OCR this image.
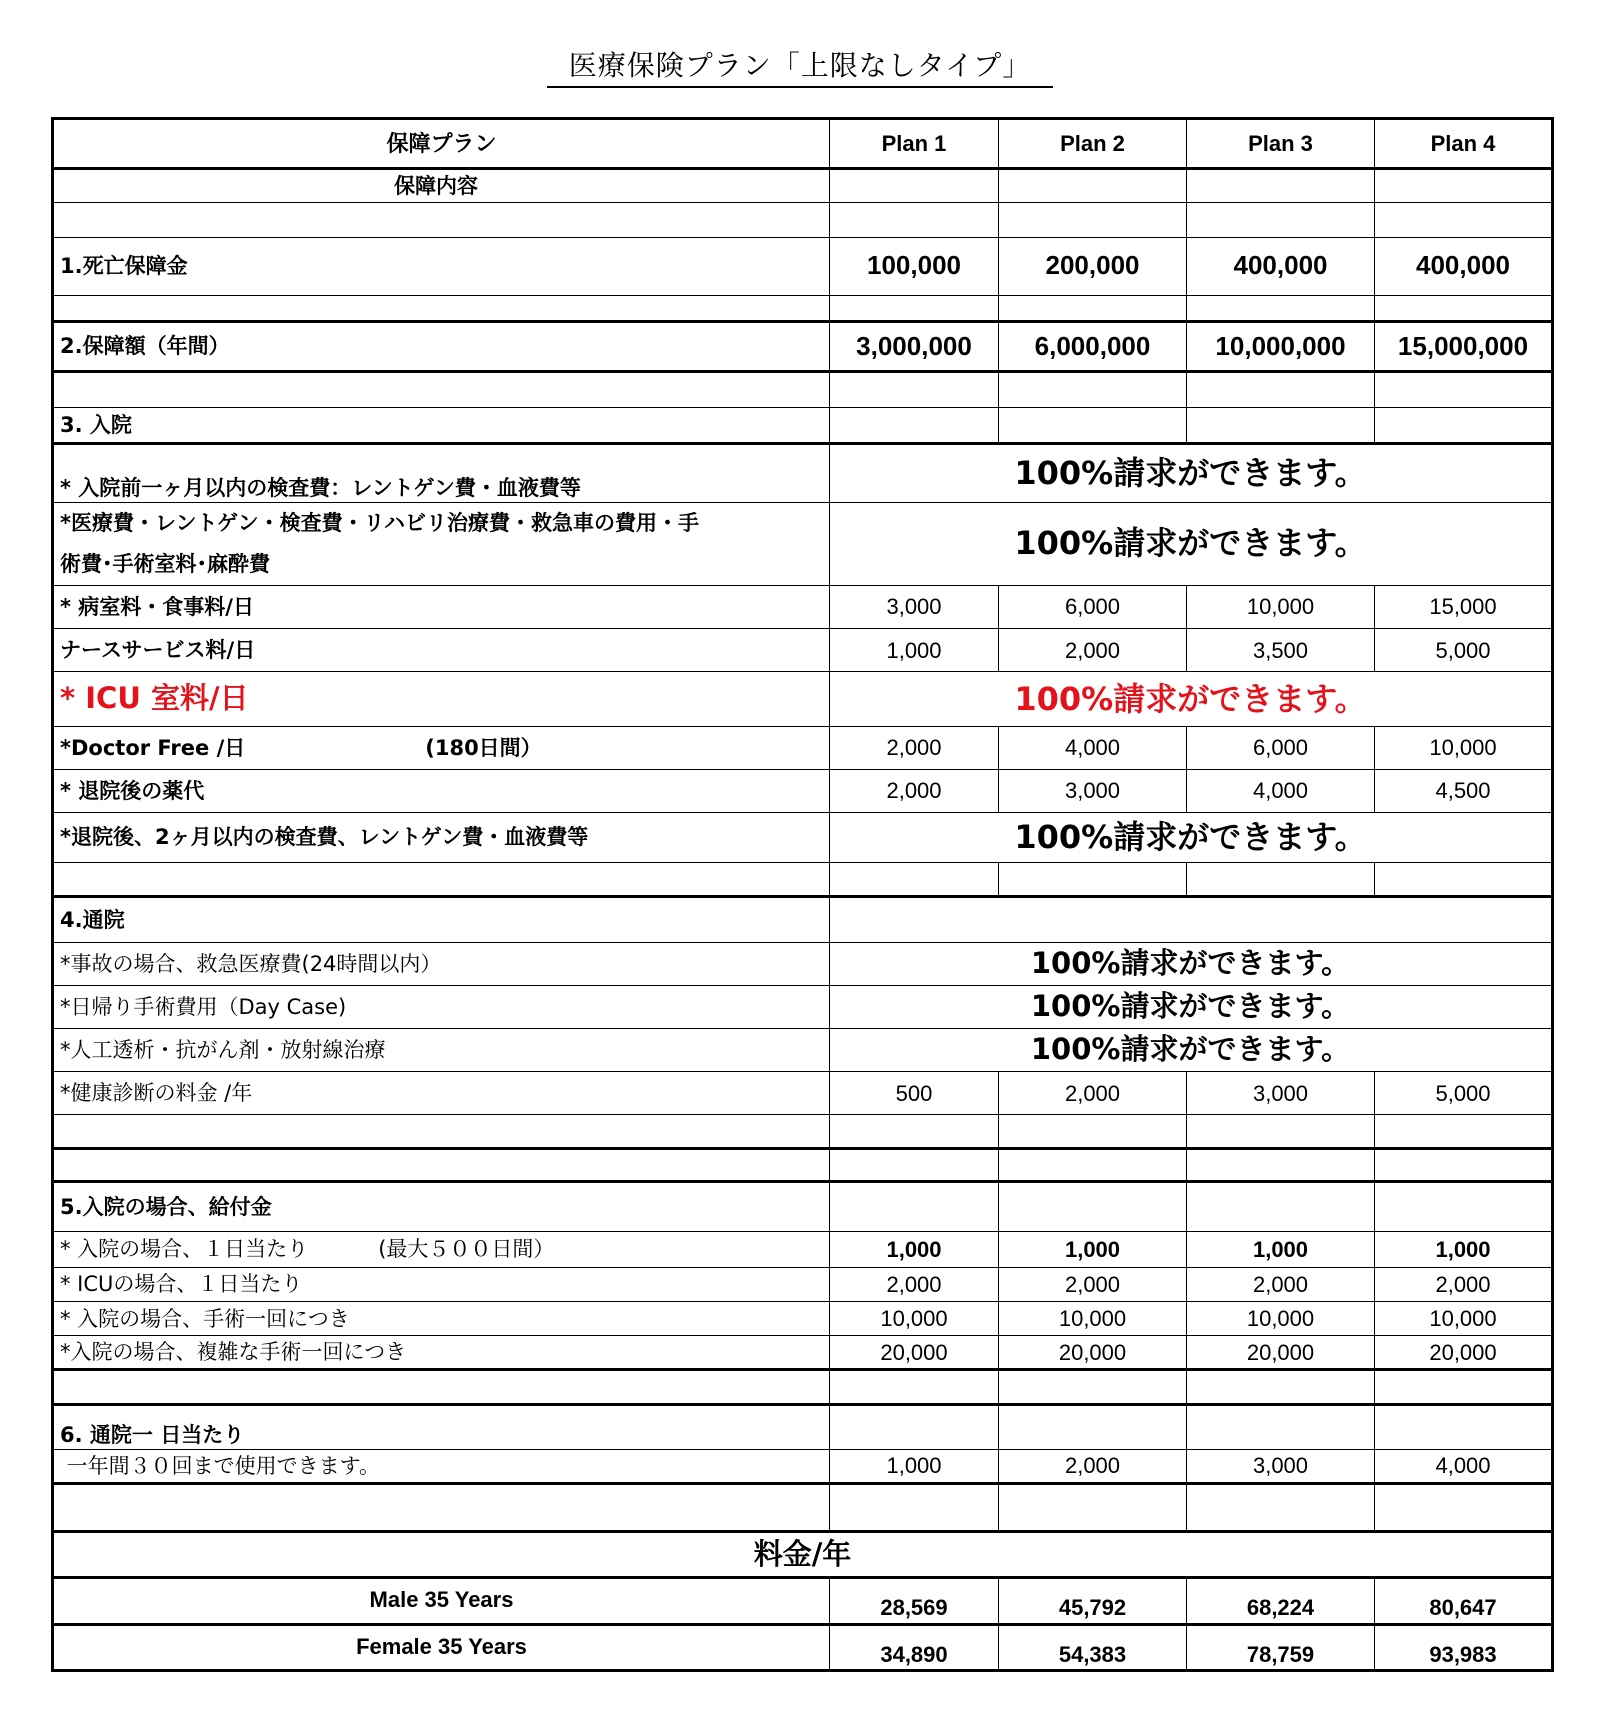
医療保険プラン「上限なしタイプ」
保障プラン	Plan 1	Plan 2	Plan 3	Plan 4
保障内容				

1.死亡保障金	100,000	200,000	400,000	400,000

2.保障額（年間）	3,000,000	6,000,000	10,000,000	15,000,000

3. 入院				
* 入院前一ヶ月以内の検査費：レントゲン費・血液費等	100%請求ができます。			

*医療費・レントゲン・検査費・リハビリ治療費・救急車の費用・手
術費･手術室料･麻酔費	100%請求ができます。			
* 病室料・食事料/日	3,000	6,000	10,000	15,000
ナースサービス料/日	1,000	2,000	3,500	5,000
* ICU 室料/日	100%請求ができます。			
*Doctor Free /日 (180日間）	2,000	4,000	6,000	10,000
* 退院後の薬代	2,000	3,000	4,000	4,500
*退院後、2ヶ月以内の検査費、レントゲン費・血液費等	100%請求ができます。			

4.通院				
*事故の場合、救急医療費(24時間以内）	100%請求ができます。			
*日帰り手術費用（Day Case)	100%請求ができます。			
*人工透析・抗がん剤・放射線治療	100%請求ができます。			
*健康診断の料金 /年	500	2,000	3,000	5,000

5.入院の場合、給付金				
* 入院の場合、１日当たり (最大５００日間）	1,000	1,000	1,000	1,000
* ICUの場合、１日当たり	2,000	2,000	2,000	2,000
* 入院の場合、手術一回につき	10,000	10,000	10,000	10,000
*入院の場合、複雑な手術一回につき	20,000	20,000	20,000	20,000

6. 通院一 日当たり				
一年間３０回まで使用できます。	1,000	2,000	3,000	4,000

料金/年				
Male 35 Years	28,569	45,792	68,224	80,647
Female 35 Years	34,890	54,383	78,759	93,983
